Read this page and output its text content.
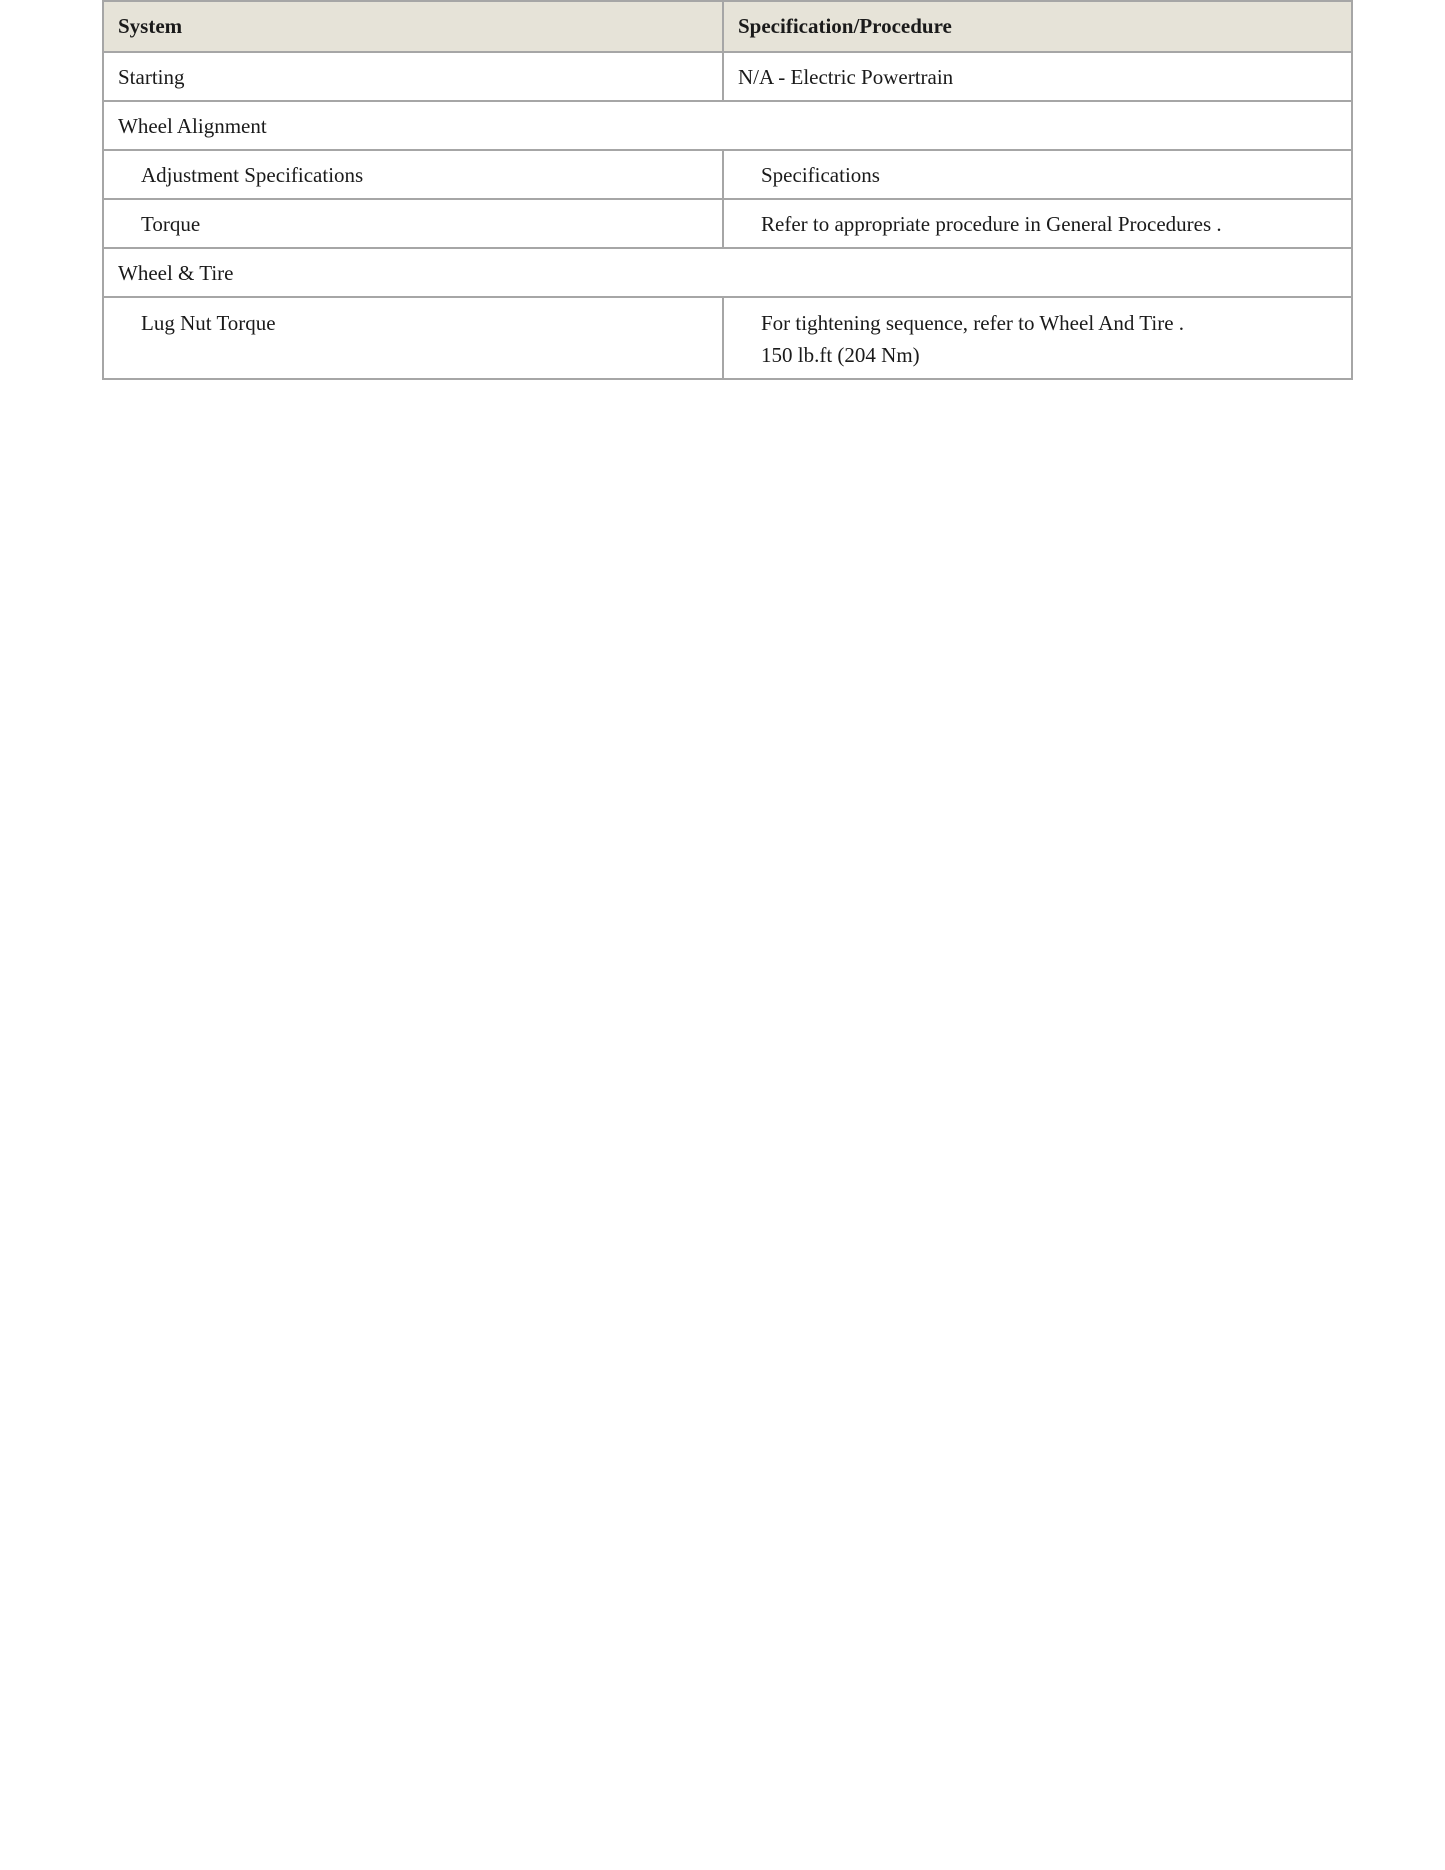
System	Specification/Procedure
Starting	N/A - Electric Powertrain
Wheel Alignment	
Adjustment Specifications	Specifications
Torque	Refer to appropriate procedure in General Procedures .
Wheel & Tire	
Lug Nut Torque	For tightening sequence, refer to Wheel And Tire .
150 lb.ft (204 Nm)
